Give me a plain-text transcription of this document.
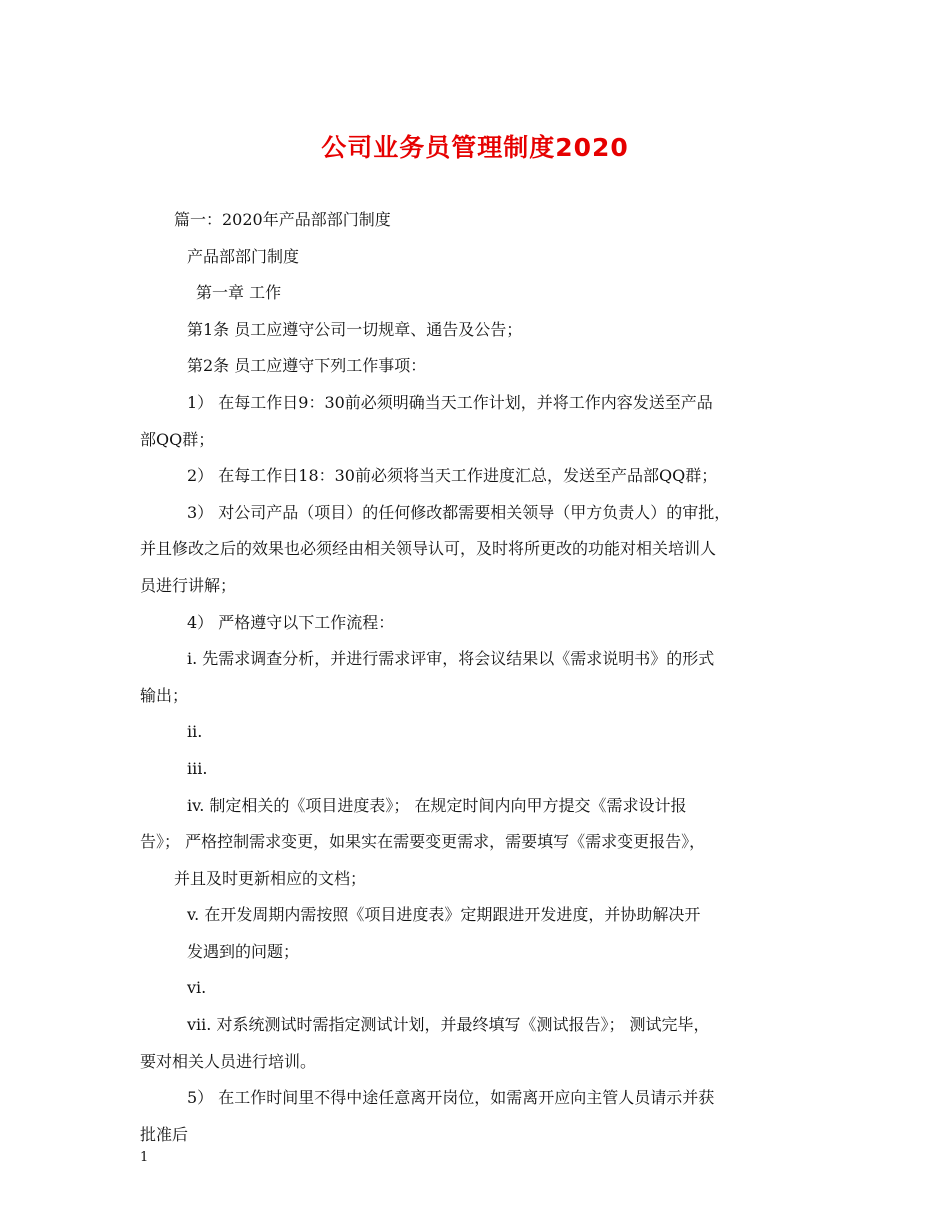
公司业务员管理制度2020
篇一：2020年产品部部门制度
产品部部门制度
第一章 工作
第1条 员工应遵守公司一切规章、通告及公告；
第2条 员工应遵守下列工作事项：
1） 在每工作日9：30前必须明确当天工作计划，并将工作内容发送至产品
部QQ群；
2） 在每工作日18：30前必须将当天工作进度汇总，发送至产品部QQ群；
3） 对公司产品（项目）的任何修改都需要相关领导（甲方负责人）的审批，
并且修改之后的效果也必须经由相关领导认可，及时将所更改的功能对相关培训人
员进行讲解；
4） 严格遵守以下工作流程：
i. 先需求调查分析，并进行需求评审，将会议结果以《需求说明书》的形式
输出；
ii.
iii.
iv. 制定相关的《项目进度表》； 在规定时间内向甲方提交《需求设计报
告》； 严格控制需求变更，如果实在需要变更需求，需要填写《需求变更报告》，
并且及时更新相应的文档；
v. 在开发周期内需按照《项目进度表》定期跟进开发进度，并协助解决开
发遇到的问题；
vi.
vii. 对系统测试时需指定测试计划，并最终填写《测试报告》； 测试完毕，
要对相关人员进行培训。
5） 在工作时间里不得中途任意离开岗位，如需离开应向主管人员请示并获
批准后
1
